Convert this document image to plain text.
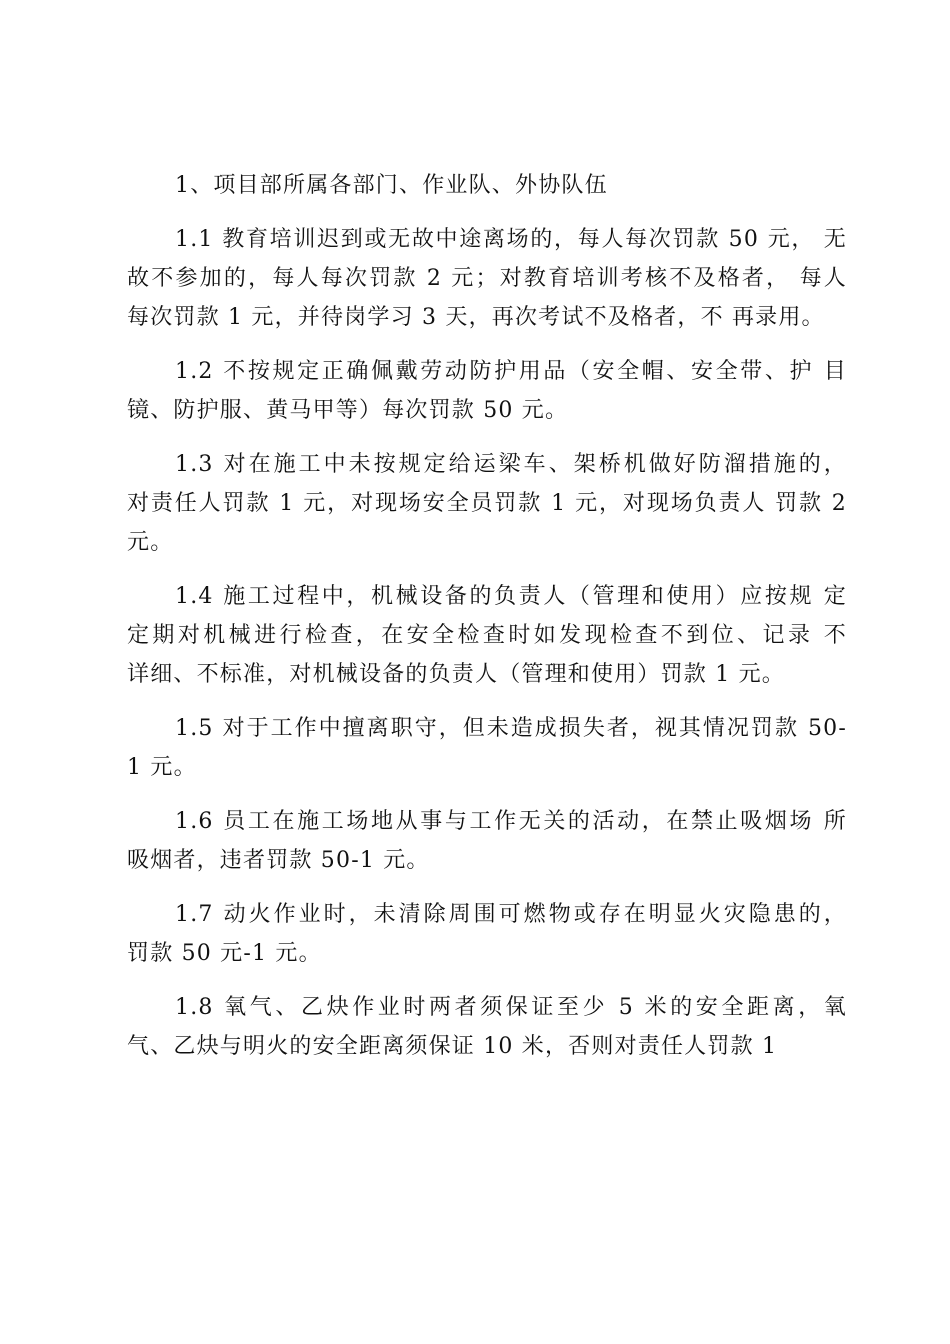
1、项目部所属各部门、作业队、外协队伍
1.1 教育培训迟到或无故中途离场的，每人每次罚款 50 元， 无
故不参加的，每人每次罚款 2 元；对教育培训考核不及格者， 每人
每次罚款 1 元，并待岗学习 3 天，再次考试不及格者，不 再录用。
1.2 不按规定正确佩戴劳动防护用品（安全帽、安全带、护 目
镜、防护服、黄马甲等）每次罚款 50 元。
1.3 对在施工中未按规定给运梁车、架桥机做好防溜措施的，
对责任人罚款 1 元，对现场安全员罚款 1 元，对现场负责人 罚款 2
元。
1.4 施工过程中，机械设备的负责人（管理和使用）应按规 定
定期对机械进行检查，在安全检查时如发现检查不到位、记录 不
详细、不标准，对机械设备的负责人（管理和使用）罚款 1 元。
1.5 对于工作中擅离职守，但未造成损失者，视其情况罚款 50-
1 元。
1.6 员工在施工场地从事与工作无关的活动，在禁止吸烟场 所
吸烟者，违者罚款 50-1 元。
1.7 动火作业时，未清除周围可燃物或存在明显火灾隐患的，
罚款 50 元-1 元。
1.8 氧气、乙炔作业时两者须保证至少 5 米的安全距离，氧
气、乙炔与明火的安全距离须保证 10 米，否则对责任人罚款 1
